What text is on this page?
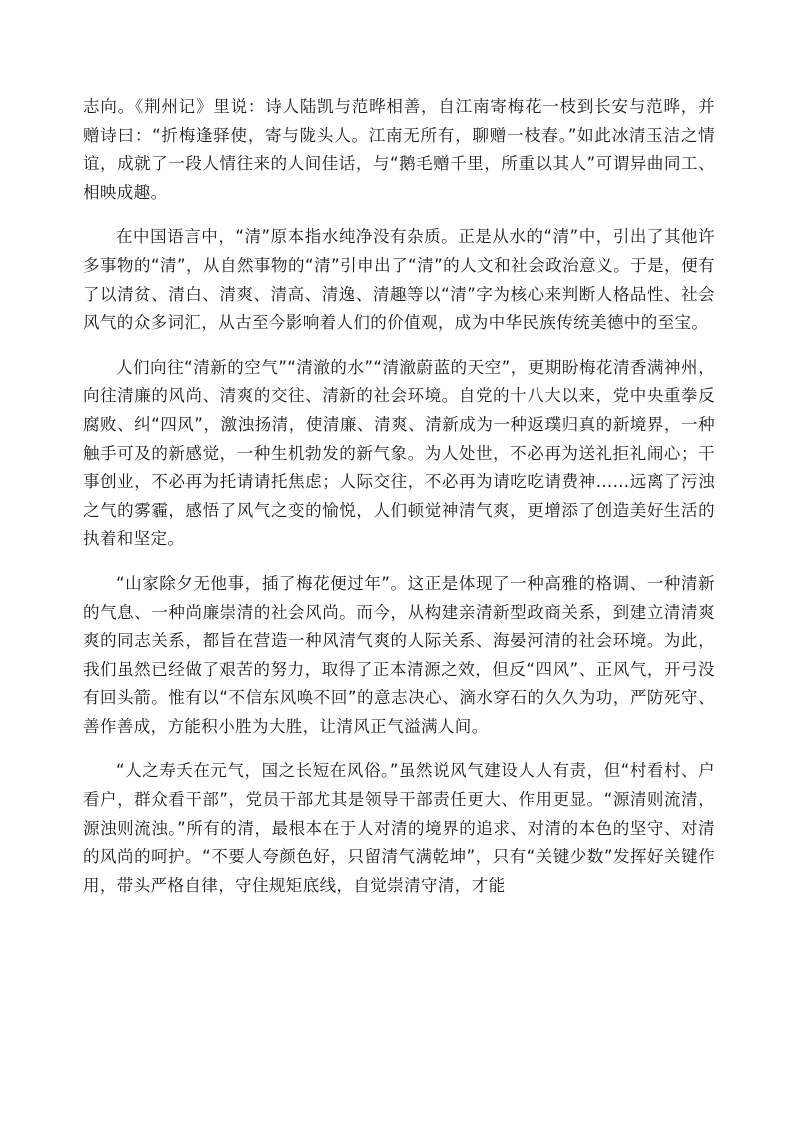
志向。《荆州记》里说：诗人陆凯与范晔相善，自江南寄梅花一枝到长安与范晔，并赠诗曰：“折梅逢驿使，寄与陇头人。江南无所有，聊赠一枝春。”如此冰清玉洁之情谊，成就了一段人情往来的人间佳话，与“鹅毛赠千里，所重以其人”可谓异曲同工、相映成趣。

在中国语言中，“清”原本指水纯净没有杂质。正是从水的“清”中，引出了其他许多事物的“清”，从自然事物的“清”引申出了“清”的人文和社会政治意义。于是，便有了以清贫、清白、清爽、清高、清逸、清趣等以“清”字为核心来判断人格品性、社会风气的众多词汇，从古至今影响着人们的价值观，成为中华民族传统美德中的至宝。

人们向往“清新的空气”“清澈的水”“清澈蔚蓝的天空”，更期盼梅花清香满神州，向往清廉的风尚、清爽的交往、清新的社会环境。自党的十八大以来，党中央重拳反腐败、纠“四风”，激浊扬清，使清廉、清爽、清新成为一种返璞归真的新境界，一种触手可及的新感觉，一种生机勃发的新气象。为人处世，不必再为送礼拒礼闹心；干事创业，不必再为托请请托焦虑；人际交往，不必再为请吃吃请费神……远离了污浊之气的雾霾，感悟了风气之变的愉悦，人们顿觉神清气爽，更增添了创造美好生活的执着和坚定。

“山家除夕无他事，插了梅花便过年”。这正是体现了一种高雅的格调、一种清新的气息、一种尚廉崇清的社会风尚。而今，从构建亲清新型政商关系，到建立清清爽爽的同志关系，都旨在营造一种风清气爽的人际关系、海晏河清的社会环境。为此，我们虽然已经做了艰苦的努力，取得了正本清源之效，但反“四风”、正风气，开弓没有回头箭。惟有以“不信东风唤不回”的意志决心、滴水穿石的久久为功，严防死守、善作善成，方能积小胜为大胜，让清风正气溢满人间。

“人之寿夭在元气，国之长短在风俗。”虽然说风气建设人人有责，但“村看村、户看户，群众看干部”，党员干部尤其是领导干部责任更大、作用更显。“源清则流清，源浊则流浊。”所有的清，最根本在于人对清的境界的追求、对清的本色的坚守、对清的风尚的呵护。“不要人夸颜色好，只留清气满乾坤”，只有“关键少数”发挥好关键作用，带头严格自律，守住规矩底线，自觉崇清守清，才能
